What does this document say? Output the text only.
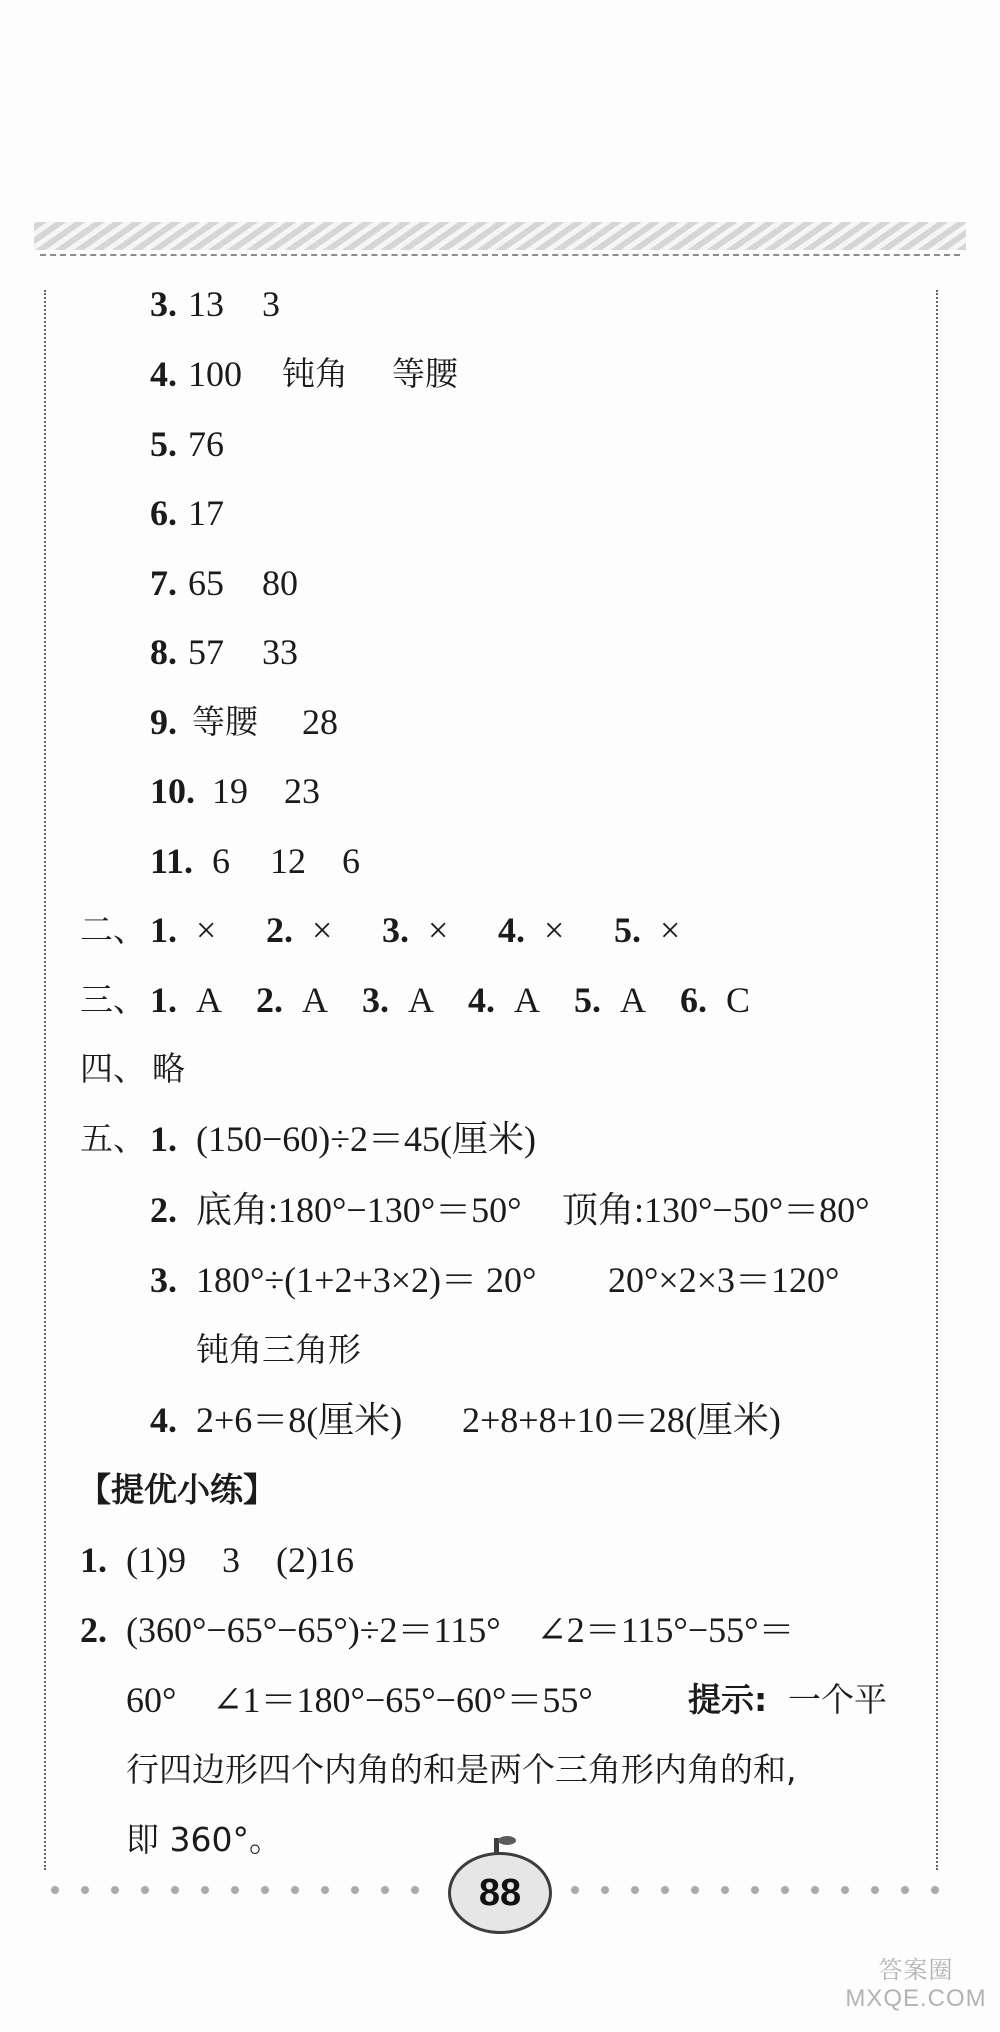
3. 13 3
4. 100 钝角 等腰
5. 76
6. 17
7. 65 80
8. 57 33
9. 等腰 28
10. 19 23
11. 6 12 6
二、 1. × 2. × 3. × 4. × 5. ×
三、 1. A 2. A 3. A 4. A 5. A 6. C
四、 略
五、 1. (150−60)÷2＝45(厘米)
2. 底角:180°−130°＝50° 顶角:130°−50°＝80°
3. 180°÷(1+2+3×2)＝ 20° 20°×2×3＝120°
钝角三角形
4. 2+6＝8(厘米) 2+8+8+10＝28(厘米)
【提优小练】
1. (1)9　3　(2)16
2. (360°−65°−65°)÷2＝115°　∠2＝115°−55°＝
60°　∠1＝180°−65°−60°＝55°	提示: 一个平
行四边形四个内角的和是两个三角形内角的和,
即 360°。
88
答案圈 MXQE.COM
